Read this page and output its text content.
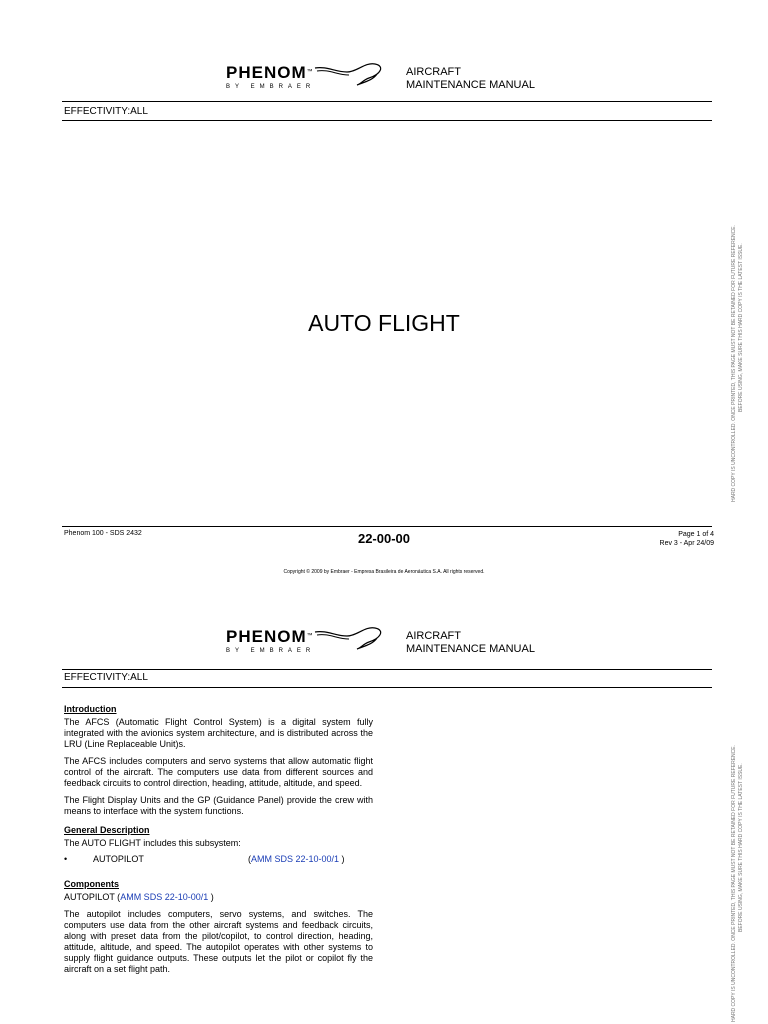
PHENOM™
BY EMBRAER
AIRCRAFT
MAINTENANCE MANUAL
EFFECTIVITY:ALL
AUTO FLIGHT	HARD COPY IS UNCONTROLLED. ONCE PRINTED, THIS PAGE MUST NOT BE RETAINED FOR FUTURE REFERENCE. BEFORE USING, MAKE SURE THIS HARD COPY IS THE LATEST ISSUE.
Phenom 100 - SDS 2432	22-00-00	Page 1 of 4
Rev 3 - Apr 24/09
Copyright © 2009 by Embraer - Empresa Brasileira de Aeronáutica S.A. All rights reserved.
PHENOM™
BY EMBRAER
AIRCRAFT
MAINTENANCE MANUAL
EFFECTIVITY:ALL
Introduction

The AFCS (Automatic Flight Control System) is a digital system fully integrated with the avionics system architecture, and is distributed across the LRU (Line Replaceable Unit)s.

The AFCS includes computers and servo systems that allow automatic flight control of the aircraft. The computers use data from different sources and feedback circuits to control direction, heading, attitude, altitude, and speed.

The Flight Display Units and the GP (Guidance Panel) provide the crew with means to interface with the system functions.

General Description

The AUTO FLIGHT includes this subsystem:

•	AUTOPILOT	(AMM SDS 22-10-00/1 )
Components

AUTOPILOT (AMM SDS 22-10-00/1 )

The autopilot includes computers, servo systems, and switches. The computers use data from the other aircraft systems and feedback circuits, along with preset data from the pilot/copilot, to control direction, heading, attitude, altitude, and speed. The autopilot operates with other systems to supply flight guidance outputs. These outputs let the pilot or copilot fly the aircraft on a set flight path.	HARD COPY IS UNCONTROLLED. ONCE PRINTED, THIS PAGE MUST NOT BE RETAINED FOR FUTURE REFERENCE. BEFORE USING, MAKE SURE THIS HARD COPY IS THE LATEST ISSUE.
